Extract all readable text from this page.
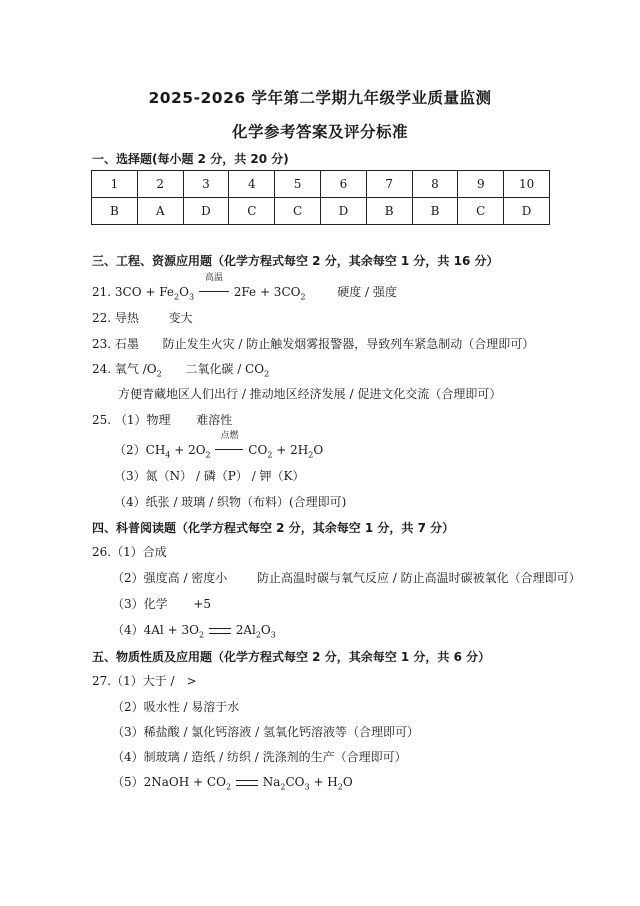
2025-2026 学年第二学期九年级学业质量监测
化学参考答案及评分标准
一、选择题(每小题 2 分，共 20 分)
1	2	3	4	5	6	7	8	9	10
B	A	D	C	C	D	B	B	C	D
三、工程、资源应用题（化学方程式每空 2 分，其余每空 1 分，共 16 分）
21. $3CO + Fe_2O_3$
高温
$2Fe + 3CO_2$	硬度 / 强度
22. 导热 变大
23. 石墨 防止发生火灾 / 防止触发烟雾报警器，导致列车紧急制动（合理即可）
24. 氧气 $/O_2$ 二氧化碳 / $CO_2$
方便青藏地区人们出行 / 推动地区经济发展 / 促进文化交流（合理即可）
25. （1）物理 难溶性
$(2)CH_4 + 2O_2$
点燃
$CO_2 + 2H_2O$
（3）氮（N） / 磷（P） / 钾（K）
（4）纸张 / 玻璃 / 织物（布料）(合理即可)
四、科普阅读题（化学方程式每空 2 分，其余每空 1 分，共 7 分）
26.（1）合成
（2）强度高 / 密度小 防止高温时碳与氧气反应 / 防止高温时碳被氧化（合理即可）
（3）化学 +5
$(4)4Al + 3O_2$	$2Al_2O_3$
五、物质性质及应用题（化学方程式每空 2 分，其余每空 1 分，共 6 分）
27.（1）大于 /　>
（2）吸水性 / 易溶于水
（3）稀盐酸 / 氯化钙溶液 / 氢氧化钙溶液等（合理即可）
（4）制玻璃 / 造纸 / 纺织 / 洗涤剂的生产（合理即可）
（5）2NaOH + $CO_2$	$Na_2CO_3 + H_2O$
